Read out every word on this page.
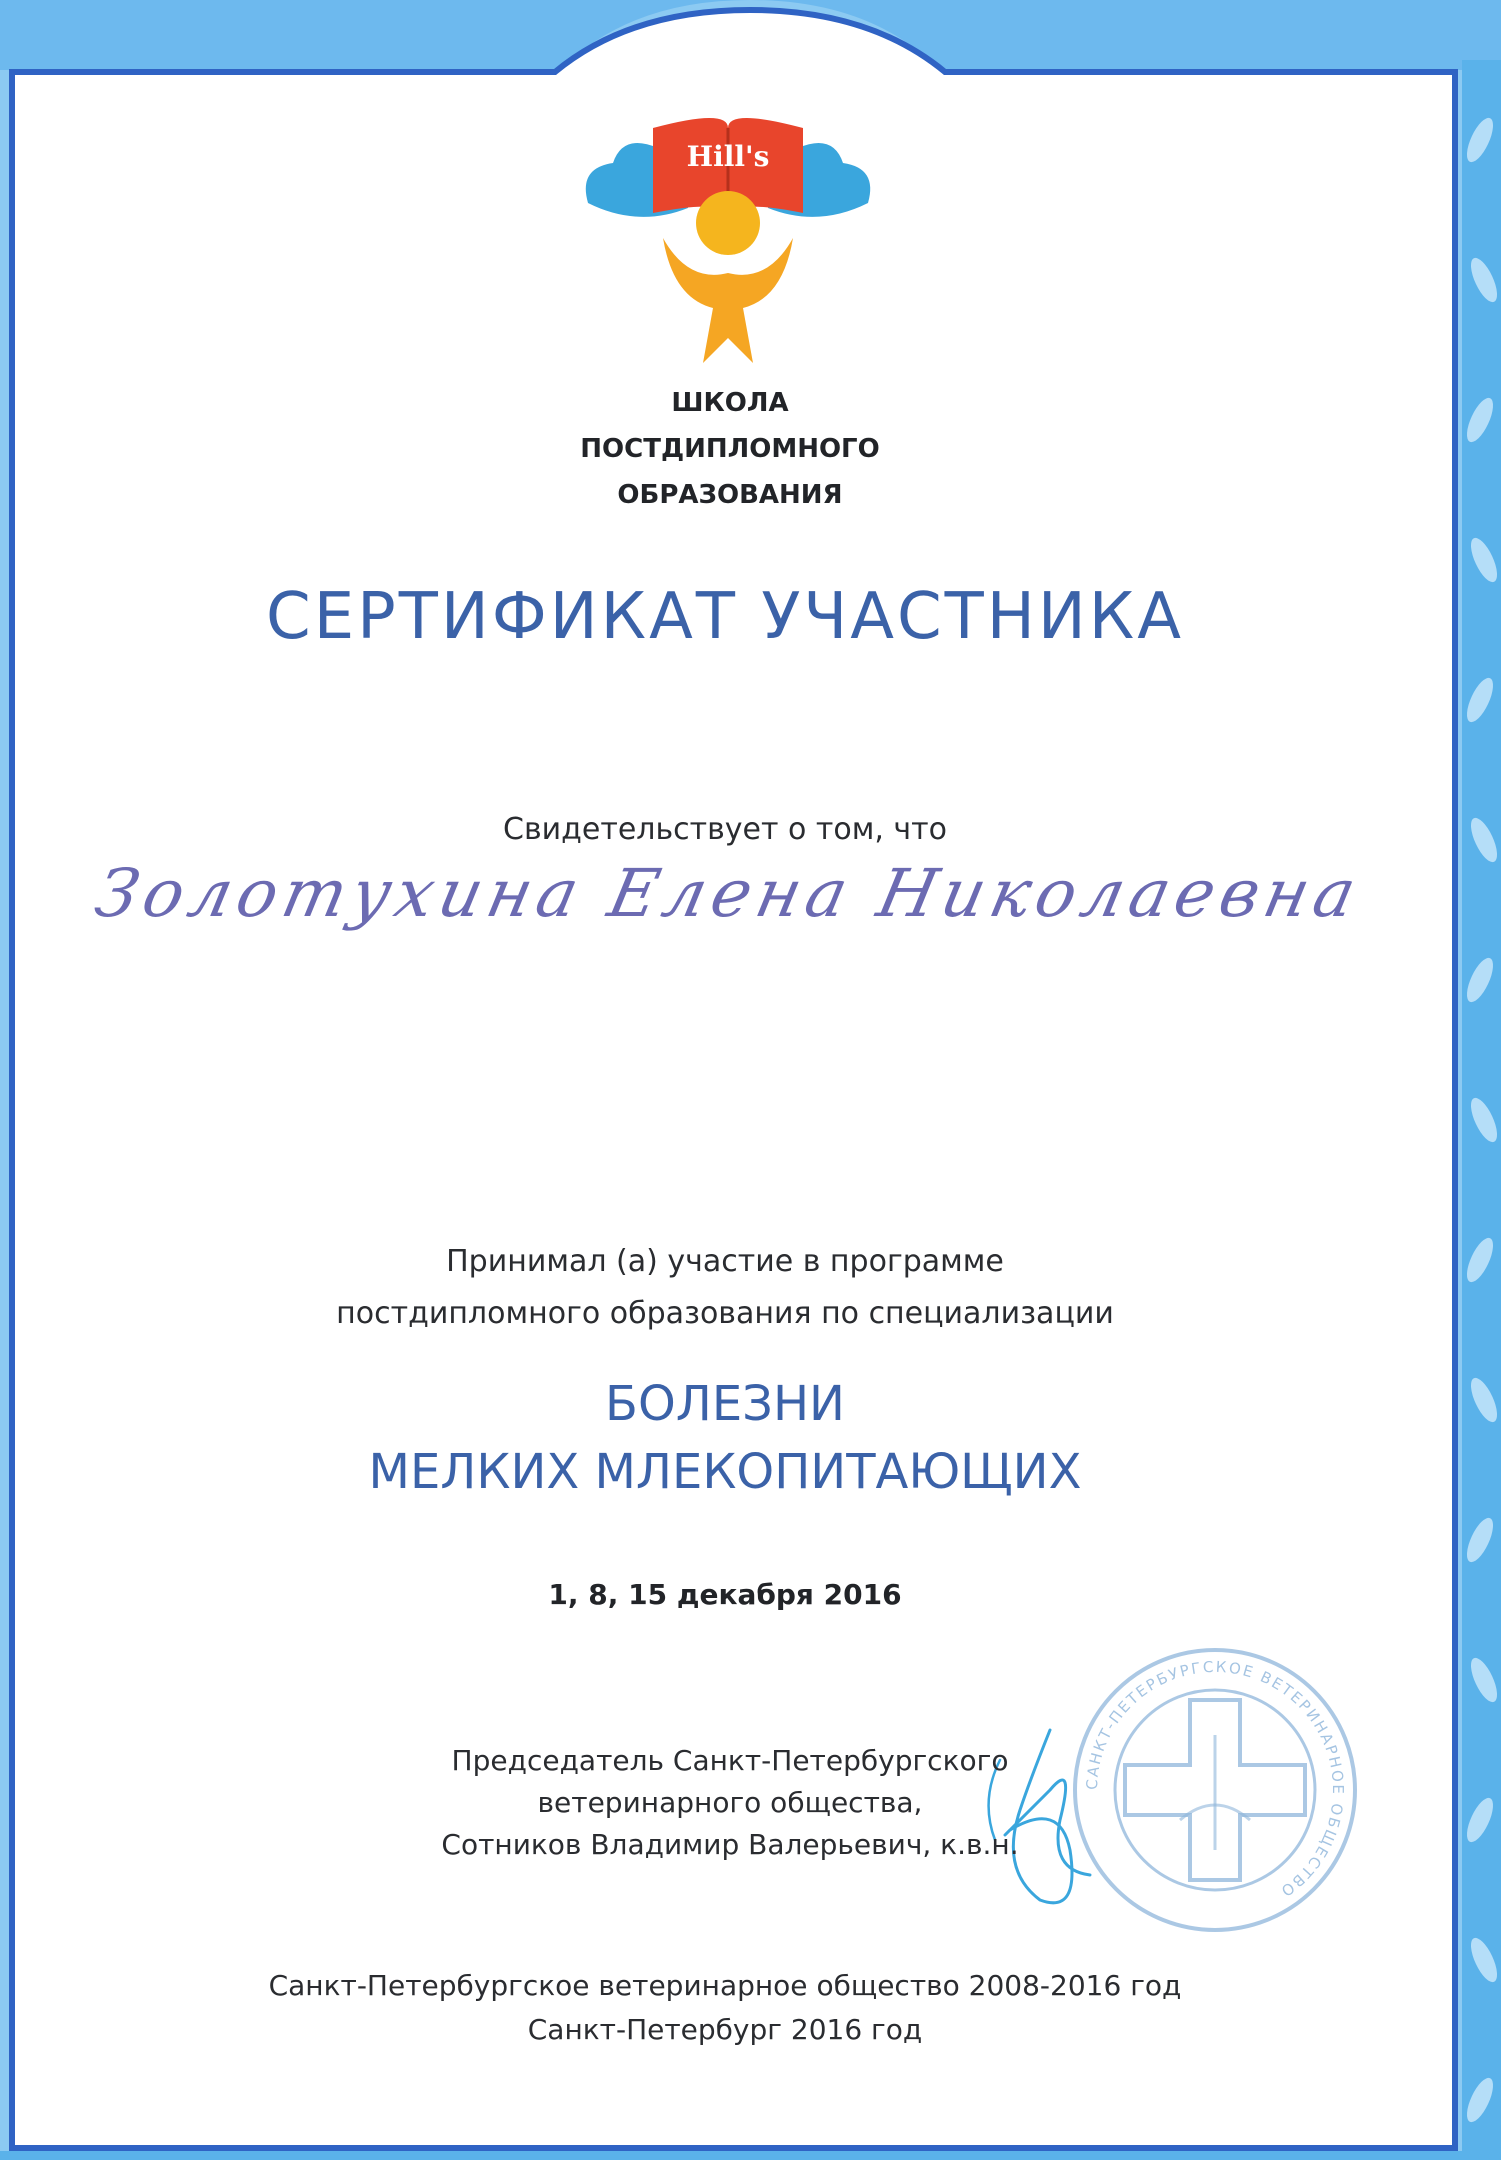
Hill's
ШКОЛА
ПОСТДИПЛОМНОГО
ОБРАЗОВАНИЯ
СЕРТИФИКАТ УЧАСТНИКА
Свидетельствует о том, что
Золотухина Елена Николаевна
Принимал (а) участие в программе
постдипломного образования по специализации
БОЛЕЗНИ
МЕЛКИХ МЛЕКОПИТАЮЩИХ
1, 8, 15 декабря 2016
САНКТ-ПЕТЕРБУРГСКОЕ ВЕТЕРИНАРНОЕ ОБЩЕСТВО
Председатель Санкт-Петербургского
ветеринарного общества,
Сотников Владимир Валерьевич, к.в.н.
Санкт-Петербургское ветеринарное общество 2008-2016 год
Санкт-Петербург 2016 год
